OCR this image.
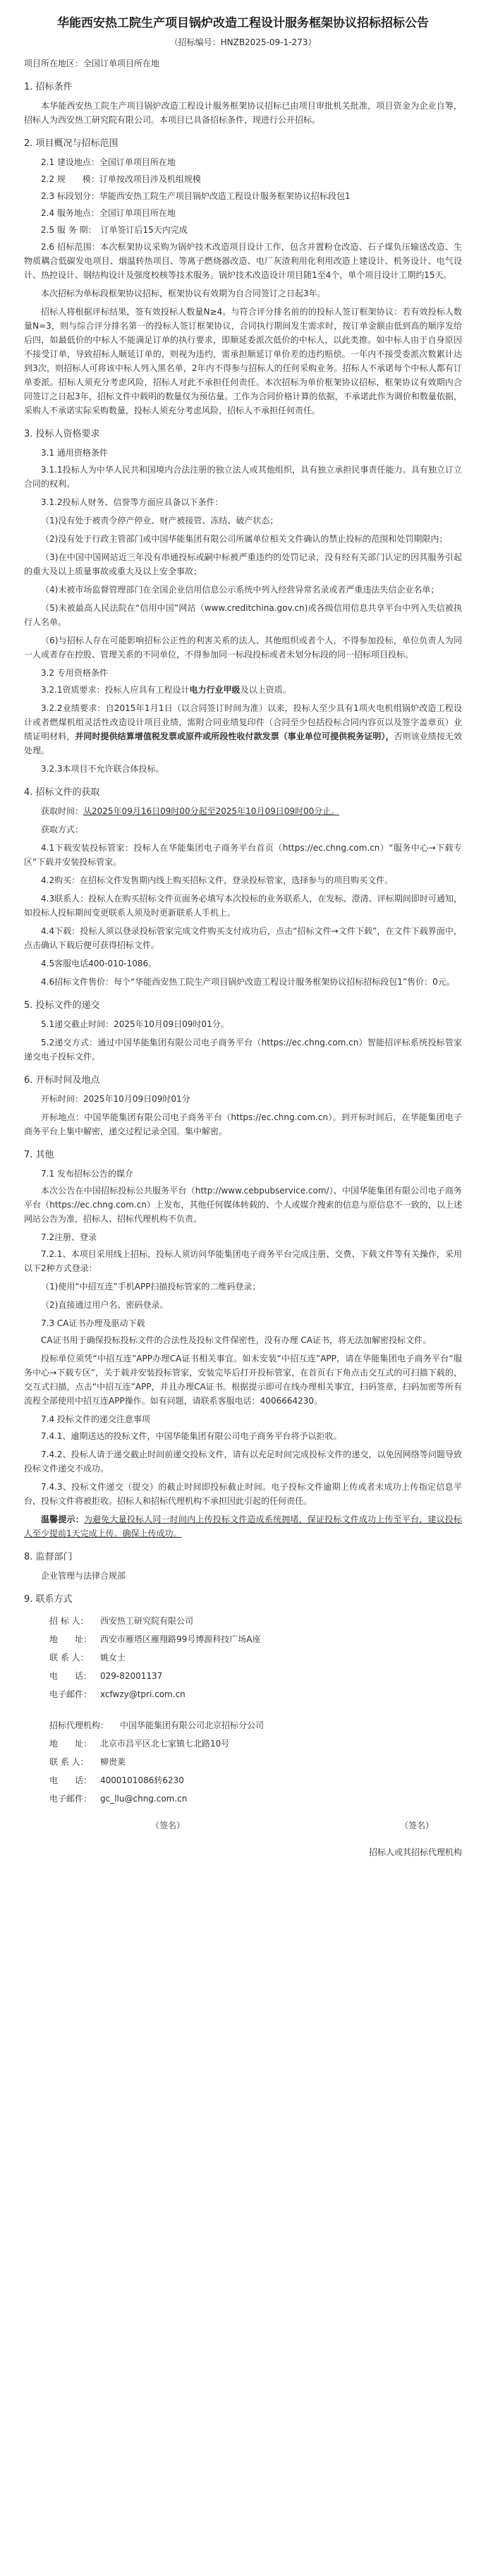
华能西安热工院生产项目锅炉改造工程设计服务框架协议招标招标公告
（招标编号：HNZB2025-09-1-273）

项目所在地区：全国订单项目所在地

1. 招标条件

本华能西安热工院生产项目锅炉改造工程设计服务框架协议招标已由项目审批机关批准，项目资金为企业自筹，招标人为西安热工研究院有限公司。本项目已具备招标条件，现进行公开招标。

2. 项目概况与招标范围

2.1 建设地点：全国订单项目所在地

2.2 规　　模：订单按改项目涉及机组规模

2.3 标段划分：华能西安热工院生产项目锅炉改造工程设计服务框架协议招标段包1

2.4 服务地点：全国订单项目所在地

2.5 服 务 期：　订单签订后15天内完成

2.6 招标范围：本次框架协议采购为锅炉技术改造项目设计工作，包含并置粉仓改造、石子煤负压输送改造、生物质耦合低碳发电项目、烟温转热项目、等离子燃烧器改造、电厂灰渣利用化利用改造上建设计、机务设计、电气设计、热控设计、钢结构设计及强度校核等技术服务。锅炉技术改造设计项目随1至4个，单个项目设计工期约15天。

本次招标为单标段框架协议招标，框架协议有效期为自合同签订之日起3年。

招标人将根据评标结果，签有效投标人数量N≥4。与符合评分排名前的的投标人签订框架协议：若有效投标人数量N=3，则与综合评分排名第一的投标人签订框架协议，合同执行期间发生需求时，按订单金额由低到高的顺序发给后四，如最低价的中标人不能满足订单的执行要求，即顺延委派次低价的中标人，以此类推。如中标人由于自身原因不接受订单，导致招标人顺延订单的，则视为违约，需承担顺延订单价差的违约赔偿。一年内不接受委派次数累计达到3次，则招标人可将该中标人列入黑名单，2年内不得参与招标人的任何采购业务。招标人不承诺每个中标人都有订单委派。招标人须充分考虑风险，招标人对此不承担任何责任。本次招标为单价框架协议招标，框架协议有效期内合同签订之日起3年，招标文件中载明的数量仅为预估量。工作为合同价格计算的依据，不承诺此作为调价和数量依据，采购人不承诺实际采购数量，投标人须充分考虑风险，招标人不承担任何责任。

3. 投标人资格要求

3.1 通用资格条件

3.1.1投标人为中华人民共和国境内合法注册的独立法人或其他组织，具有独立承担民事责任能力。具有独立订立合同的权利。

3.1.2投标人财务、信誉等方面应具备以下条件：

（1)没有处于被责令停产停业、财产被接管、冻结、破产状态；

（2)没有处于行政主管部门或中国华能集团有限公司所属单位相关文件确认的禁止投标的范围和处罚期限内；

（3)在中国中国网站近三年没有串通投标或嗣中标被严重违约的处罚记录，没有经有关部门认定的因其服务引起的重大及以上质量事故或重大及以上安全事故；

（4)未被市场监督管理部门在全国企业信用信息公示系统中列入经营异常名录或者严重违法失信企业名单；

（5)未被最高人民法院在“信用中国”网站（www.creditchina.gov.cn)或各级信用信息共享平台中列入失信被执行人名单。

（6)与招标人存在可能影响招标公正性的利害关系的法人、其他组织或者个人，不得参加投标，单位负责人为同一人或者存在控股、管理关系的不同单位，不得参加同一标段投标或者未划分标段的同一招标项目投标。

3.2 专用资格条件

3.2.1资质要求：投标人应具有工程设计电力行业甲级及以上资质。

3.2.2业绩要求：自2015年1月1日（以合同签订时间为准）以来，投标人至少具有1项火电机组锅炉改造工程设计或者燃煤机组灵活性改造设计项目业绩，需附合同业绩复印件（合同至少包括投标合同内容页以及签字盖章页）业绩证明材料，并同时提供结算增值税发票或原件或所段性收付款发票（事业单位可提供税务证明），否则该业绩按无效处理。

3.2.3本项目不允许联合体投标。

4. 招标文件的获取

获取时间：从2025年09月16日09时00分起至2025年10月09日09时00分止。

获取方式：

4.1下载安装投标管家：投标人在华能集团电子商务平台首页（https://ec.chng.com.cn）“服务中心→下载专区”下载并安装投标管家。

4.2购买：在招标文件发售期内线上购买招标文件，登录投标管家，选择参与的项目购买文件。

4.3联系人：投标人在购买招标文件页面务必填写本次投标的业务联系人，在发标、澄清、评标期间即时可通知，如投标人投标期间变更联系人须及时更新联系人手机上。

4.4下载：投标人须以登录投标管家完成文件购买支付成功后，点击“招标文件→文件下载”，在文件下载界面中，点击确认下载后便可获得招标文件。

4.5客服电话400-010-1086。

4.6招标文件售价：每个“华能西安热工院生产项目锅炉改造工程设计服务框架协议招标招标段包1”售价：0元。

5. 投标文件的递交

5.1递交截止时间：2025年10月09日09时01分。

5.2递交方式：通过中国华能集团有限公司电子商务平台（https://ec.chng.com.cn）智能招评标系统投标管家递交电子投标文件。

6. 开标时间及地点

开标时间：2025年10月09日09时01分

开标地点：中国华能集团有限公司电子商务平台（https://ec.chng.com.cn）。到开标时间后，在华能集团电子商务平台上集中解密，递交过程记录全国。集中解密。

7. 其他

7.1 发布招标公告的媒介

本次公告在中国招标投标公共服务平台（http://www.cebpubservice.com/）、中国华能集团有限公司电子商务平台（https://ec.chng.com.cn）上发布，其他任何媒体转载的、个人或媒介搜索的信息与原信息不一致的，以上述网站公告为准，招标人、招标代理机构不负责。

7.2注册、登录

7.2.1、本项目采用线上招标，投标人须访问华能集团电子商务平台完成注册、交费、下载文件等有关操作，采用以下2种方式登录：

（1)使用“中招互连”手机APP扫描投标管家的二维码登录；

（2)直接通过用户名、密码登录。

7.3 CA证书办理及驱动下载

CA证书用于确保投标投标文件的合法性及投标文件保密性，没有办理 CA证书，将无法加解密投标文件。

投标单位须凭“中招互连”APP办理CA证书相关事宜。如未安装“中招互连”APP，请在华能集团电子商务平台“服务中心→下载专区”，关于载并安装投标管家，安装完毕后打开投标管家，在首页右下角点击交互式的可扫描下载的，交互式扫描，点击“中招互连”APP，并且办理CA证书。根据提示即可在线办理相关事宜，扫码签章，扫码加密等所有流程全部使用中招互连APP操作。如有问题，请联系客服电话：4006664230。

7.4 投标文件的递交注意事项

7.4.1、逾期送达的投标文件，中国华能集团有限公司电子商务平台将予以拒收。

7.4.2、投标人请于递交截止时间前递交投标文件，请有以充足时间完成投标文件的递交，以免因网络等问题导致投标文件递交不成功。

7.4.3、投标文件递交（提交）的截止时间即投标截止时间。电子投标文件逾期上传或者未成功上传指定信息平台，投标文件将被拒收。招标人和招标代理机构不承担因此引起的任何责任。

温馨提示：为避免大量投标人同一时间内上传投标文件造成系统拥堵，保证投标文件成功上传至平台，建议投标人至少提前1天完成上传。确保上传成功。

8. 监督部门

企业管理与法律合规部

9. 联系方式
招 标 人：	西安热工研究院有限公司
地　　址： 西安市雁塔区雁翔路99号博源科技广场A座
联 系 人：	姚女士
电　　话： 029-82001137
电子邮件： xcfwzy@tpri.com.cn
招标代理机构：	中国华能集团有限公司北京招标分公司
地　　址： 北京市昌平区北七家镇七北路10号
联 系 人：	柳贵莱
电　　话： 4000101086转6230
电子邮件： gc_llu@chng.com.cn
（签名）	（签名）
招标人或其招标代理机构
